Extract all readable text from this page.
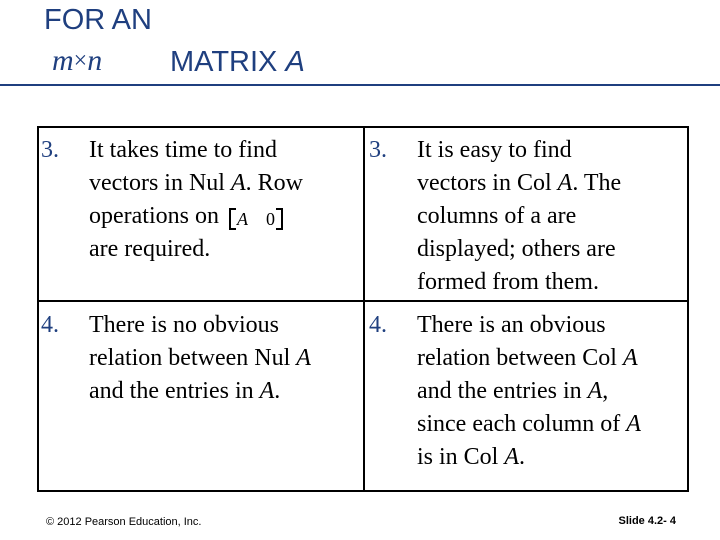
FOR AN
m×n MATRIX A
3. It takes time to find
vectors in Nul A. Row
operations on A 0
are required.
3. It is easy to find
vectors in Col A. The
columns of a are
displayed; others are
formed from them.
4. There is no obvious
relation between Nul A
and the entries in A.
4. There is an obvious
relation between Col A
and the entries in A,
since each column of A
is in Col A.
© 2012 Pearson Education, Inc.	Slide 4.2- 4
